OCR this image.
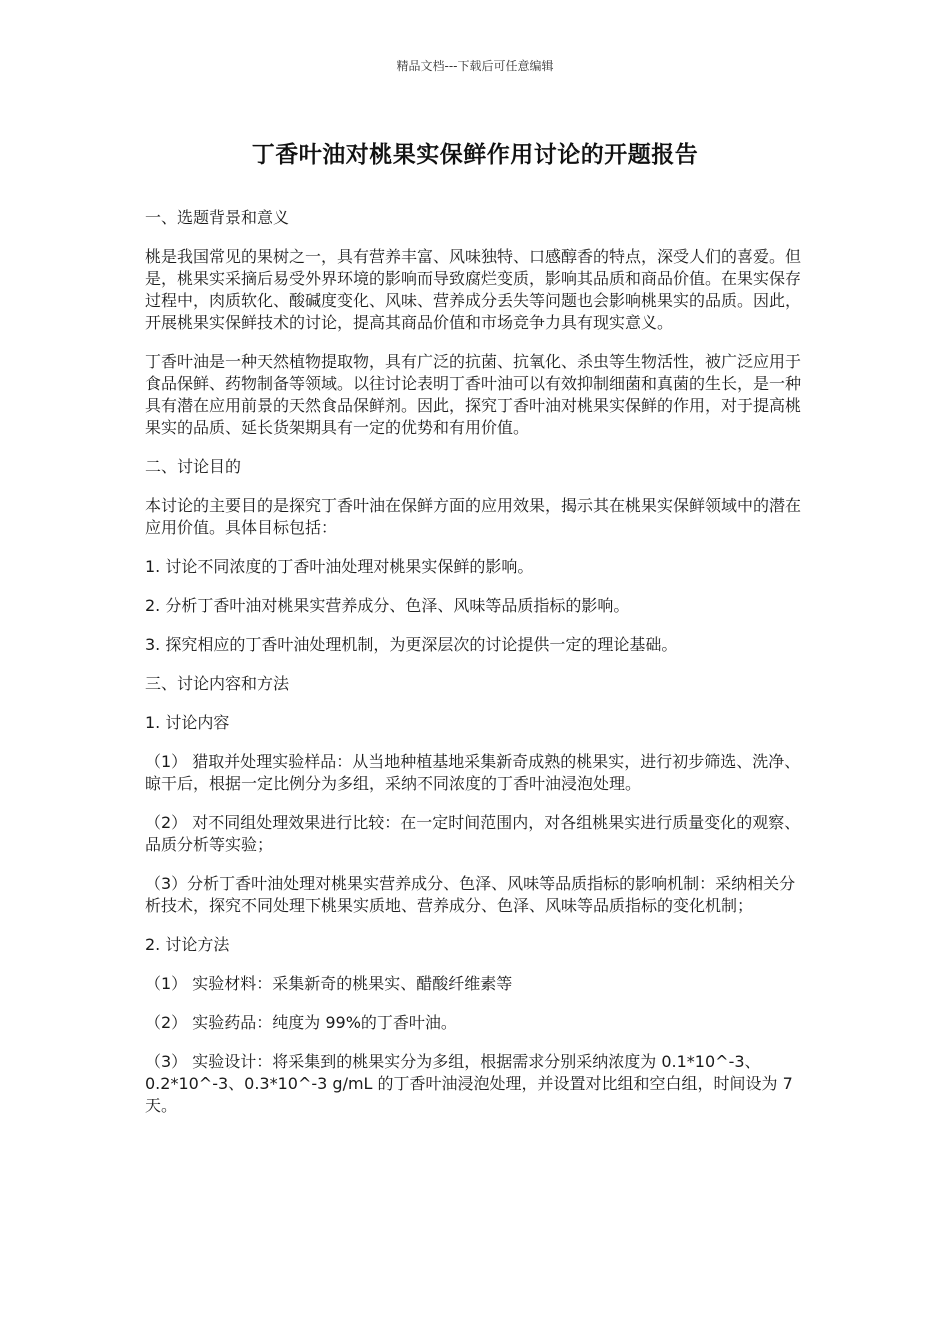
精品文档---下载后可任意编辑
丁香叶油对桃果实保鲜作用讨论的开题报告

一、选题背景和意义

桃是我国常见的果树之一，具有营养丰富、风味独特、口感醇香的特点，深受人们的喜爱。但是，桃果实采摘后易受外界环境的影响而导致腐烂变质，影响其品质和商品价值。在果实保存过程中，肉质软化、酸碱度变化、风味、营养成分丢失等问题也会影响桃果实的品质。因此，开展桃果实保鲜技术的讨论，提高其商品价值和市场竞争力具有现实意义。

丁香叶油是一种天然植物提取物，具有广泛的抗菌、抗氧化、杀虫等生物活性，被广泛应用于食品保鲜、药物制备等领域。以往讨论表明丁香叶油可以有效抑制细菌和真菌的生长，是一种具有潜在应用前景的天然食品保鲜剂。因此，探究丁香叶油对桃果实保鲜的作用，对于提高桃果实的品质、延长货架期具有一定的优势和有用价值。

二、讨论目的

本讨论的主要目的是探究丁香叶油在保鲜方面的应用效果，揭示其在桃果实保鲜领域中的潜在应用价值。具体目标包括：

1. 讨论不同浓度的丁香叶油处理对桃果实保鲜的影响。

2. 分析丁香叶油对桃果实营养成分、色泽、风味等品质指标的影响。

3. 探究相应的丁香叶油处理机制，为更深层次的讨论提供一定的理论基础。

三、讨论内容和方法

1. 讨论内容

（1） 猎取并处理实验样品：从当地种植基地采集新奇成熟的桃果实，进行初步筛选、洗净、晾干后，根据一定比例分为多组，采纳不同浓度的丁香叶油浸泡处理。

（2） 对不同组处理效果进行比较：在一定时间范围内，对各组桃果实进行质量变化的观察、品质分析等实验；

（3）分析丁香叶油处理对桃果实营养成分、色泽、风味等品质指标的影响机制：采纳相关分析技术，探究不同处理下桃果实质地、营养成分、色泽、风味等品质指标的变化机制；

2. 讨论方法

（1） 实验材料：采集新奇的桃果实、醋酸纤维素等

（2） 实验药品：纯度为 99%的丁香叶油。

（3） 实验设计：将采集到的桃果实分为多组，根据需求分别采纳浓度为 0.1*10^-3、0.2*10^-3、0.3*10^-3 g/mL 的丁香叶油浸泡处理，并设置对比组和空白组，时间设为 7 天。
